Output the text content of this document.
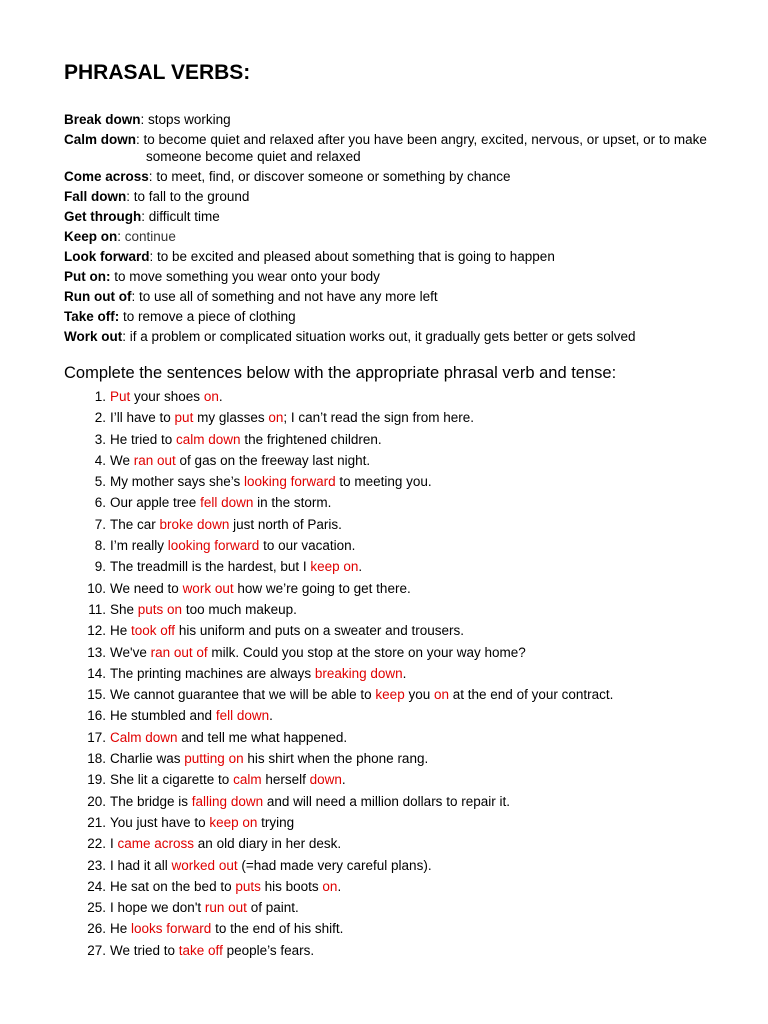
PHRASAL VERBS:
Break down: stops working
Calm down: to become quiet and relaxed after you have been angry, excited, nervous, or upset, or to make someone become quiet and relaxed
Come across: to meet, find, or discover someone or something by chance
Fall down: to fall to the ground
Get through: difficult time
Keep on: continue
Look forward: to be excited and pleased about something that is going to happen
Put on: to move something you wear onto your body
Run out of: to use all of something and not have any more left
Take off: to remove a piece of clothing
Work out: if a problem or complicated situation works out, it gradually gets better or gets solved

Complete the sentences below with the appropriate phrasal verb and tense:

1. Put your shoes on.
2. I’ll have to put my glasses on; I can’t read the sign from here.
3. He tried to calm down the frightened children.
4. We ran out of gas on the freeway last night.
5. My mother says she’s looking forward to meeting you.
6. Our apple tree fell down in the storm.
7. The car broke down just north of Paris.
8. I’m really looking forward to our vacation.
9. The treadmill is the hardest, but I keep on.
10. We need to work out how we’re going to get there.
11. She puts on too much makeup.
12. He took off his uniform and puts on a sweater and trousers.
13. We've ran out of milk. Could you stop at the store on your way home?
14. The printing machines are always breaking down.
15. We cannot guarantee that we will be able to keep you on at the end of your contract.
16. He stumbled and fell down.
17. Calm down and tell me what happened.
18. Charlie was putting on his shirt when the phone rang.
19. She lit a cigarette to calm herself down.
20. The bridge is falling down and will need a million dollars to repair it.
21. You just have to keep on trying
22. I came across an old diary in her desk.
23. I had it all worked out (=had made very careful plans).
24. He sat on the bed to puts his boots on.
25. I hope we don't run out of paint.
26. He looks forward to the end of his shift.
27. We tried to take off people’s fears.
